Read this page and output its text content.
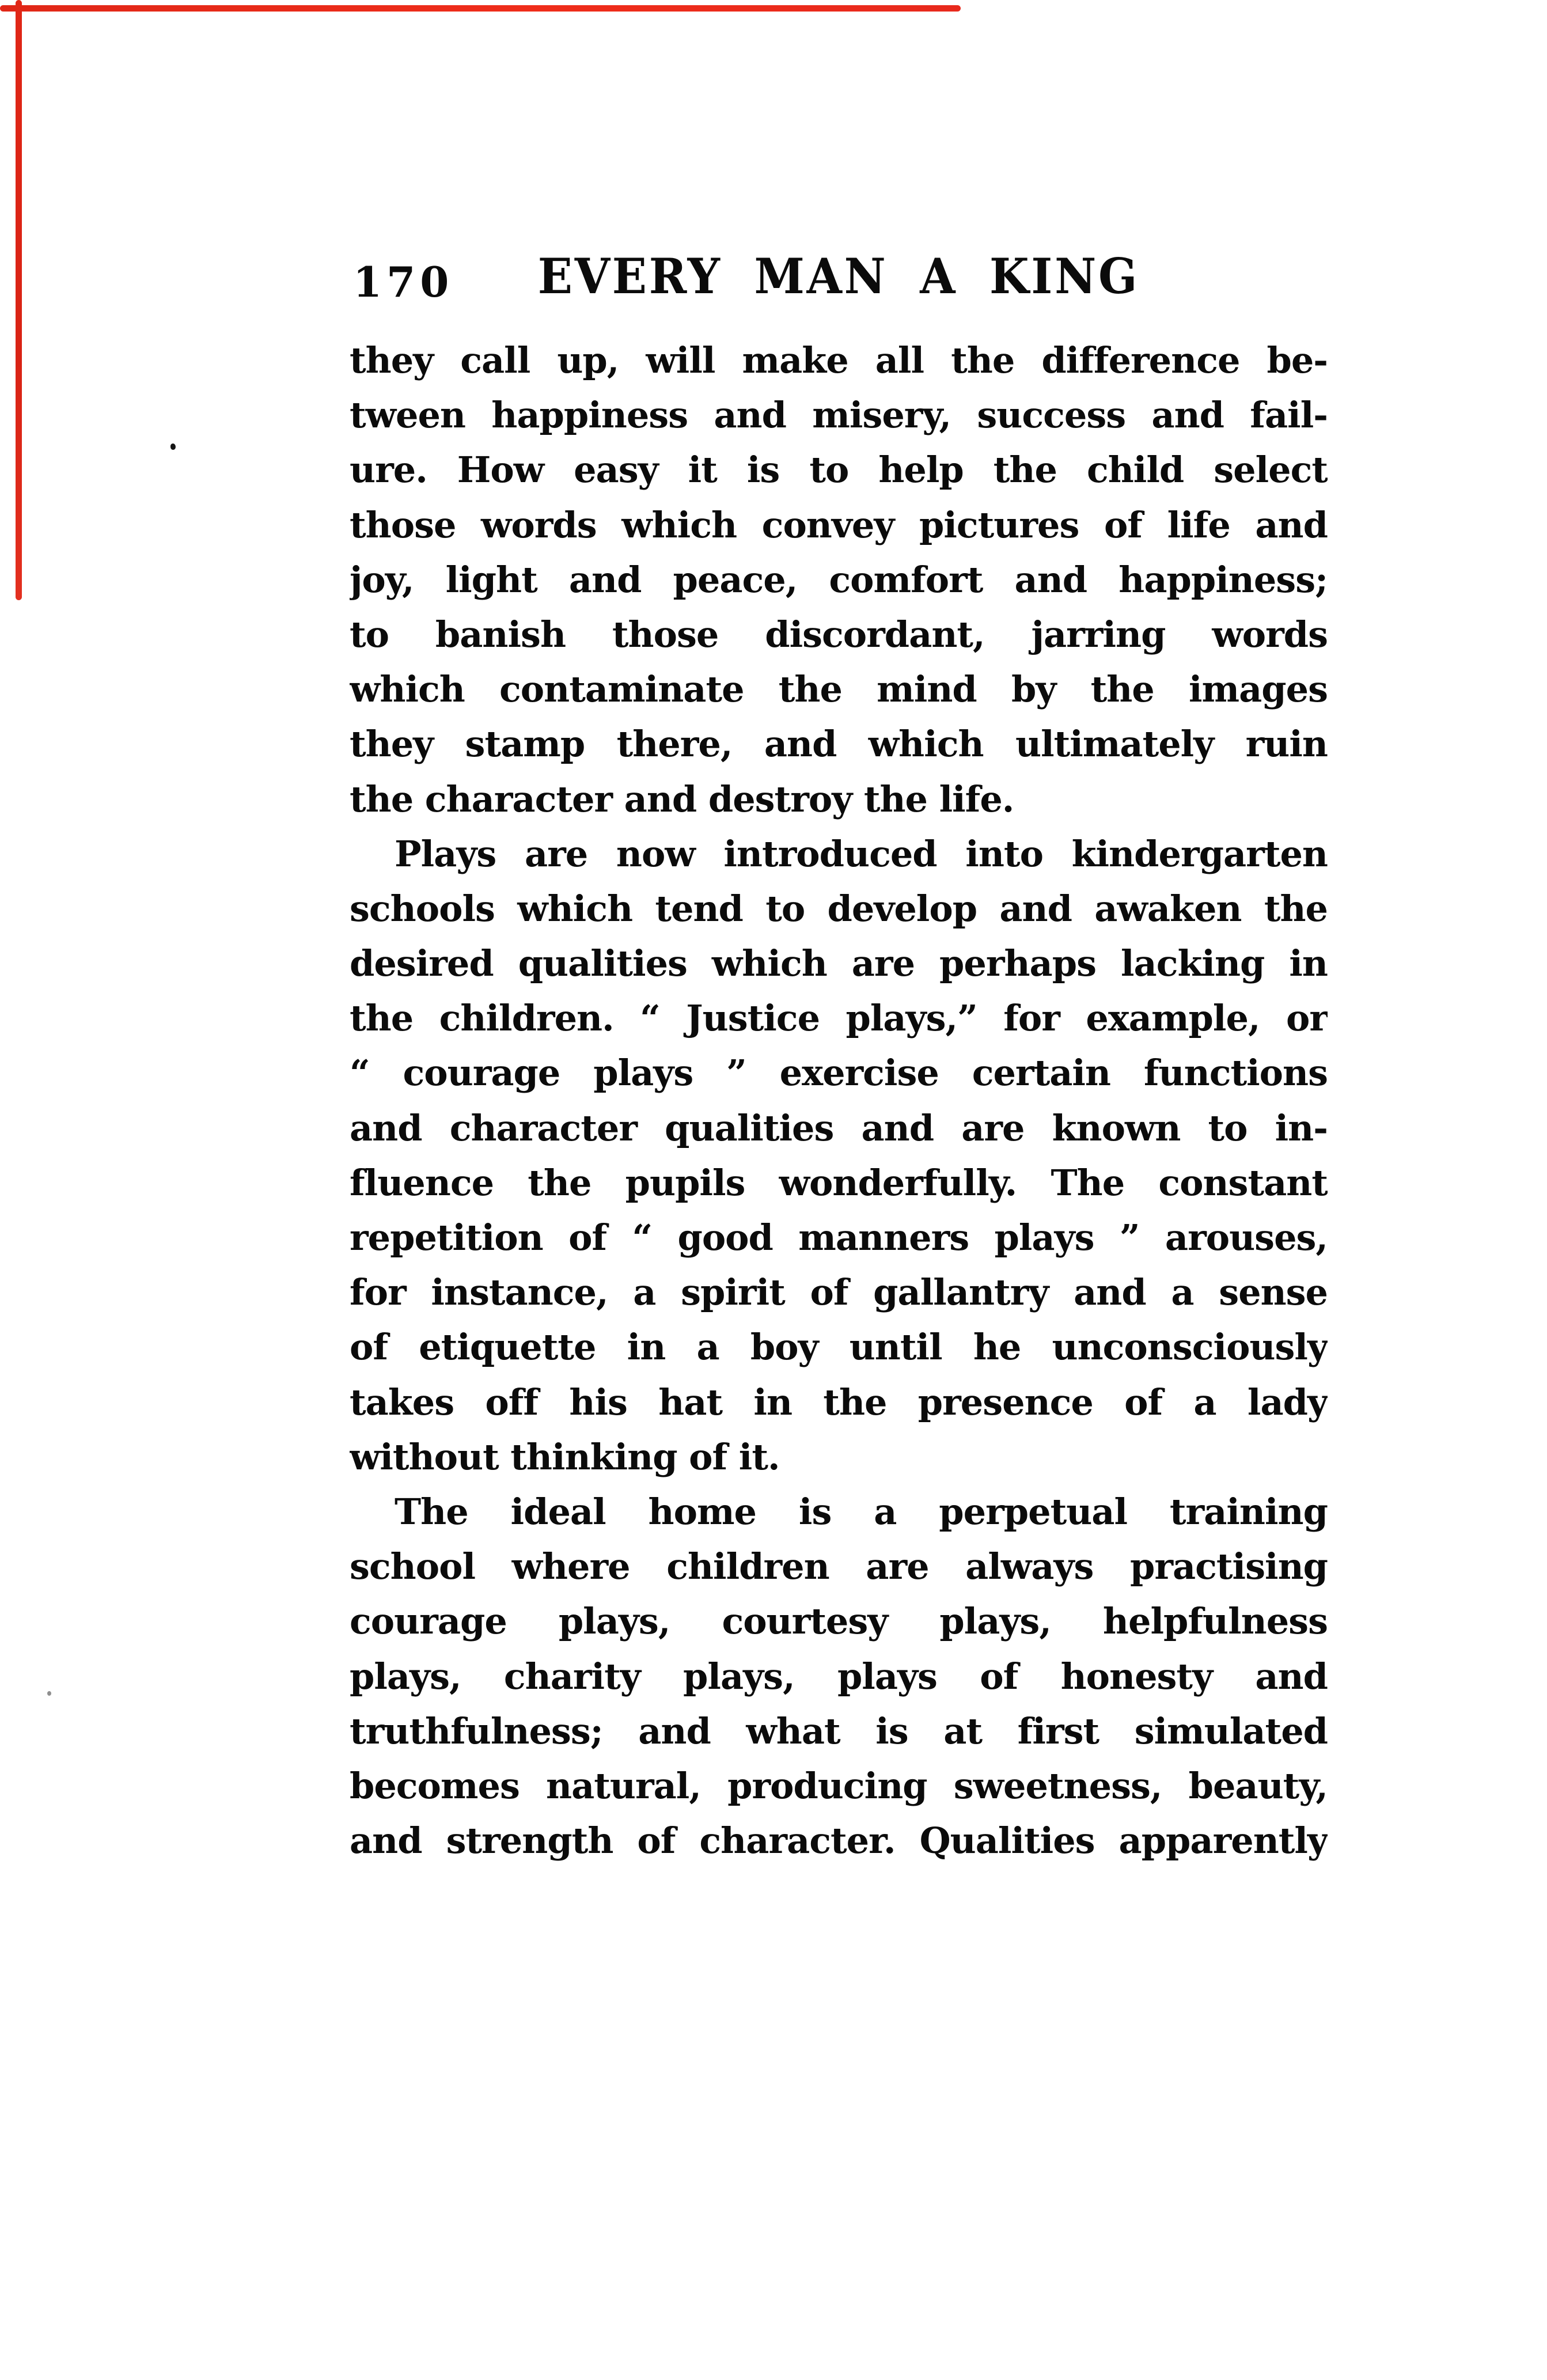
170	EVERY MAN A KING
they call up, will make all the difference be-
tween happiness and misery, success and fail-
ure. How easy it is to help the child select
those words which convey pictures of life and
joy, light and peace, comfort and happiness;
to banish those discordant, jarring words
which contaminate the mind by the images
they stamp there, and which ultimately ruin
the character and destroy the life.
Plays are now introduced into kindergarten
schools which tend to develop and awaken the
desired qualities which are perhaps lacking in
the children. “ Justice plays,” for example, or
“ courage plays ” exercise certain functions
and character qualities and are known to in-
fluence the pupils wonderfully. The constant
repetition of “ good manners plays ” arouses,
for instance, a spirit of gallantry and a sense
of etiquette in a boy until he unconsciously
takes off his hat in the presence of a lady
without thinking of it.
The ideal home is a perpetual training
school where children are always practising
courage plays, courtesy plays, helpfulness
plays, charity plays, plays of honesty and
truthfulness; and what is at first simulated
becomes natural, producing sweetness, beauty,
and strength of character. Qualities apparently
